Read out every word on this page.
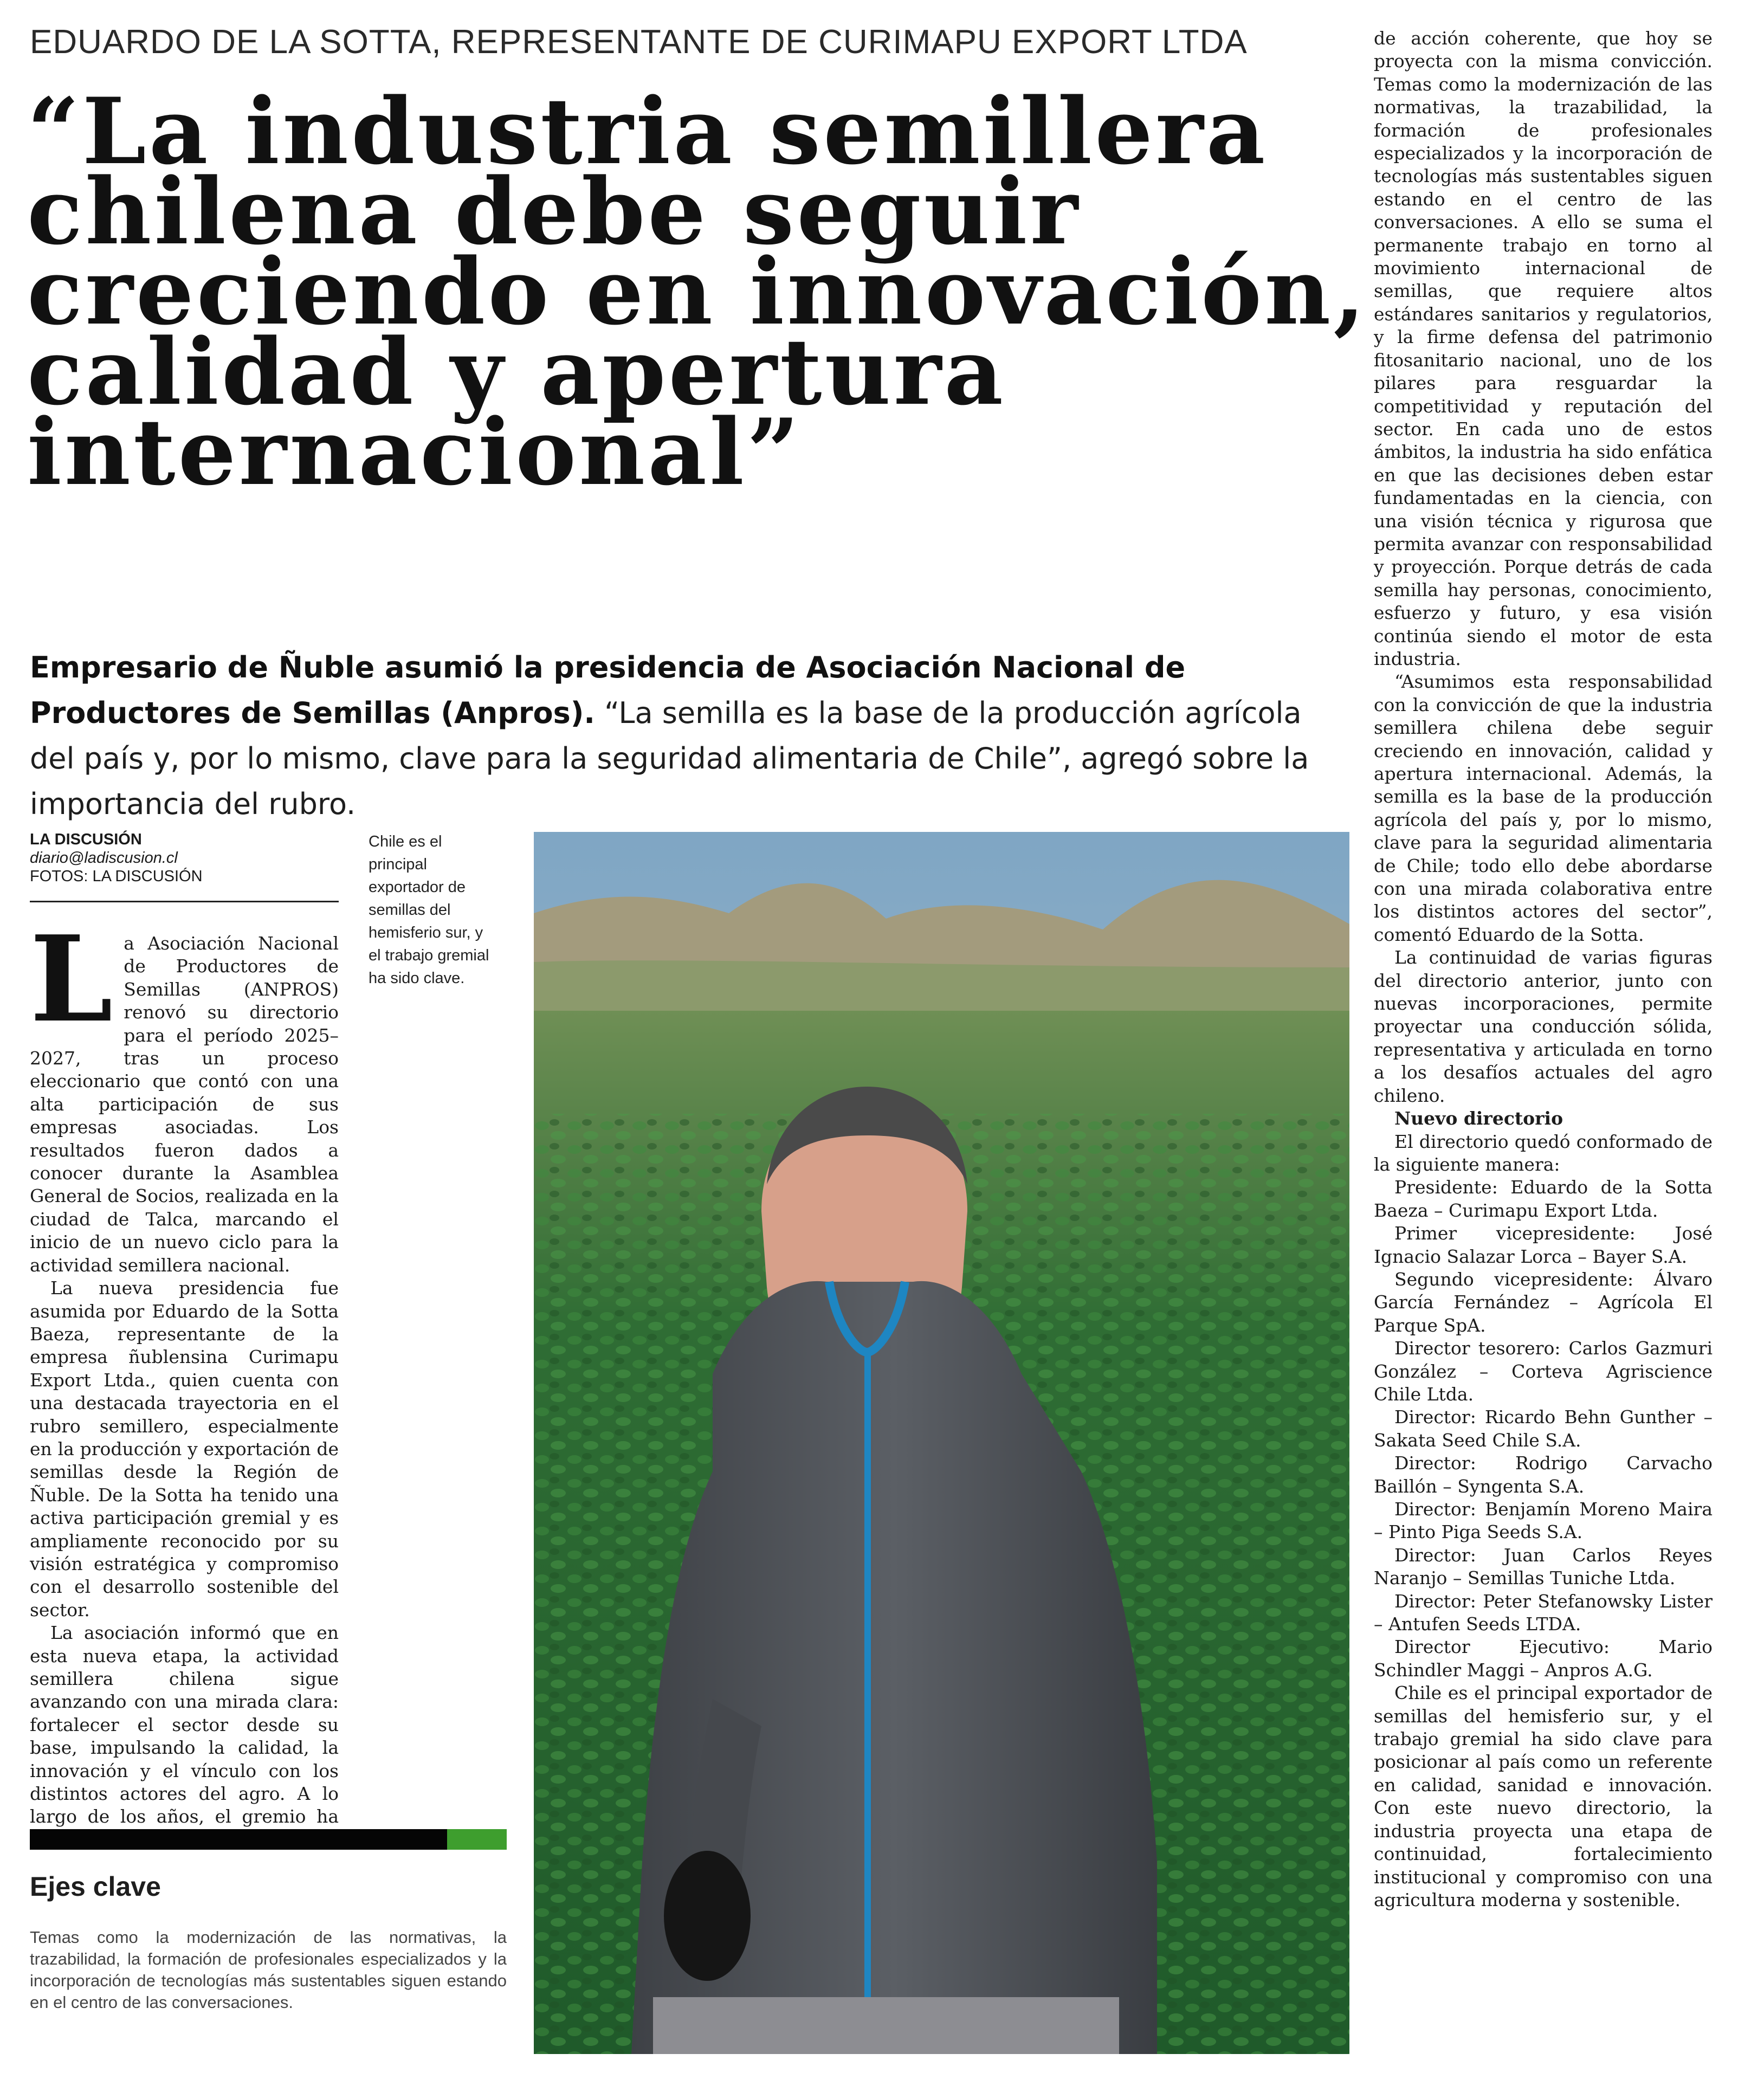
EDUARDO DE LA SOTTA, REPRESENTANTE DE CURIMAPU EXPORT LTDA
“La industria semillera
chilena debe seguir
creciendo en innovación,
calidad y apertura
internacional”
Empresario de Ñuble asumió la presidencia de Asociación Nacional de Productores de Semillas (Anpros). “La semilla es la base de la producción agrícola del país y, por lo mismo, clave para la seguridad alimentaria de Chile”, agregó sobre la importancia del rubro.
LA DISCUSIÓN
diario@ladiscusion.cl
FOTOS: LA DISCUSIÓN
Chile es el principal exportador de semillas del hemisferio sur, y el trabajo gremial ha sido clave.
L a Asociación Nacional de Productores de Semillas (ANPROS) renovó su directorio para el período 2025–2027, tras un proceso eleccionario que contó con una alta participación de sus empresas asociadas. Los resultados fueron dados a conocer durante la Asamblea General de Socios, realizada en la ciudad de Talca, marcando el inicio de un nuevo ciclo para la actividad semillera nacional.

La nueva presidencia fue asumida por Eduardo de la Sotta Baeza, representante de la empresa ñublensina Curimapu Export Ltda., quien cuenta con una destacada trayectoria en el rubro semillero, especialmente en la producción y exportación de semillas desde la Región de Ñuble. De la Sotta ha tenido una activa participación gremial y es ampliamente reconocido por su visión estratégica y compromiso con el desarrollo sostenible del sector.

La asociación informó que en esta nueva etapa, la actividad semillera chilena sigue avanzando con una mirada clara: fortalecer el sector desde su base, impulsando la calidad, la innovación y el vínculo con los distintos actores del agro. A lo largo de los años, el gremio ha

de acción coherente, que hoy se proyecta con la misma convicción. Temas como la modernización de las normativas, la trazabilidad, la formación de profesionales especializados y la incorporación de tecnologías más sustentables siguen estando en el centro de las conversaciones. A ello se suma el permanente trabajo en torno al movimiento internacional de semillas, que requiere altos estándares sanitarios y regulatorios, y la firme defensa del patrimonio fitosanitario nacional, uno de los pilares para resguardar la competitividad y reputación del sector. En cada uno de estos ámbitos, la industria ha sido enfática en que las decisiones deben estar fundamentadas en la ciencia, con una visión técnica y rigurosa que permita avanzar con responsabilidad y proyección. Porque detrás de cada semilla hay personas, conocimiento, esfuerzo y futuro, y esa visión continúa siendo el motor de esta industria.

“Asumimos esta responsabilidad con la convicción de que la industria semillera chilena debe seguir creciendo en innovación, calidad y apertura internacional. Además, la semilla es la base de la producción agrícola del país y, por lo mismo, clave para la seguridad alimentaria de Chile; todo ello debe abordarse con una mirada colaborativa entre los distintos actores del sector”, comentó Eduardo de la Sotta.

La continuidad de varias figuras del directorio anterior, junto con nuevas incorporaciones, permite proyectar una conducción sólida, representativa y articulada en torno a los desafíos actuales del agro chileno.

Nuevo directorio

El directorio quedó conformado de la siguiente manera:

Presidente: Eduardo de la Sotta Baeza – Curimapu Export Ltda.

Primer vicepresidente: José Ignacio Salazar Lorca – Bayer S.A.

Segundo vicepresidente: Álvaro García Fernández – Agrícola El Parque SpA.

Director tesorero: Carlos Gazmuri González – Corteva Agriscience Chile Ltda.

Director: Ricardo Behn Gunther – Sakata Seed Chile S.A.

Director: Rodrigo Carvacho Baillón – Syngenta S.A.

Director: Benjamín Moreno Maira – Pinto Piga Seeds S.A.

Director: Juan Carlos Reyes Naranjo – Semillas Tuniche Ltda.

Director: Peter Stefanowsky Lister – Antufen Seeds LTDA.

Director Ejecutivo: Mario Schindler Maggi – Anpros A.G.

Chile es el principal exportador de semillas del hemisferio sur, y el trabajo gremial ha sido clave para posicionar al país como un referente en calidad, sanidad e innovación. Con este nuevo directorio, la industria proyecta una etapa de continuidad, fortalecimiento institucional y compromiso con una agricultura moderna y sostenible.

Ejes clave
Temas como la modernización de las normativas, la trazabilidad, la formación de profesionales especializados y la incorporación de tecnologías más sustentables siguen estando en el centro de las conversaciones.
